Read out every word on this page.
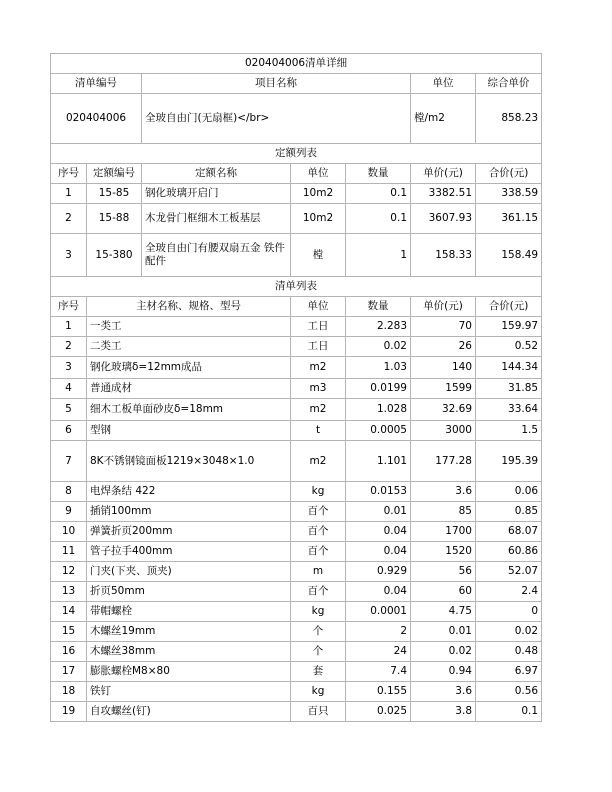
020404006清单详细						
清单编号		项目名称			单位	综合单价
020404006		全玻自由门(无扇框)</br>			樘/m2	858.23
定额列表						
序号	定额编号	定额名称	单位	数量	单价(元)	合价(元)
1	15-85	钢化玻璃开启门	10m2	0.1	3382.51	338.59
2	15-88	木龙骨门框细木工板基层	10m2	0.1	3607.93	361.15
3	15-380	全玻自由门有腰双扇五金 铁件配件	樘	1	158.33	158.49
清单列表						
序号	主材名称、规格、型号		单位	数量	单价(元)	合价(元)
1	一类工		工日	2.283	70	159.97
2	二类工		工日	0.02	26	0.52
3	钢化玻璃δ=12mm成品		m2	1.03	140	144.34
4	普通成材		m3	0.0199	1599	31.85
5	细木工板单面砂皮δ=18mm		m2	1.028	32.69	33.64
6	型钢		t	0.0005	3000	1.5
7	8K不锈钢镜面板1219×3048×1.0		m2	1.101	177.28	195.39
8	电焊条结 422		kg	0.0153	3.6	0.06
9	插销100mm		百个	0.01	85	0.85
10	弹簧折页200mm		百个	0.04	1700	68.07
11	管子拉手400mm		百个	0.04	1520	60.86
12	门夹(下夹、顶夹)		m	0.929	56	52.07
13	折页50mm		百个	0.04	60	2.4
14	带帽螺栓		kg	0.0001	4.75	0
15	木螺丝19mm		个	2	0.01	0.02
16	木螺丝38mm		个	24	0.02	0.48
17	膨胀螺栓M8×80		套	7.4	0.94	6.97
18	铁钉		kg	0.155	3.6	0.56
19	自攻螺丝(钉)		百只	0.025	3.8	0.1
